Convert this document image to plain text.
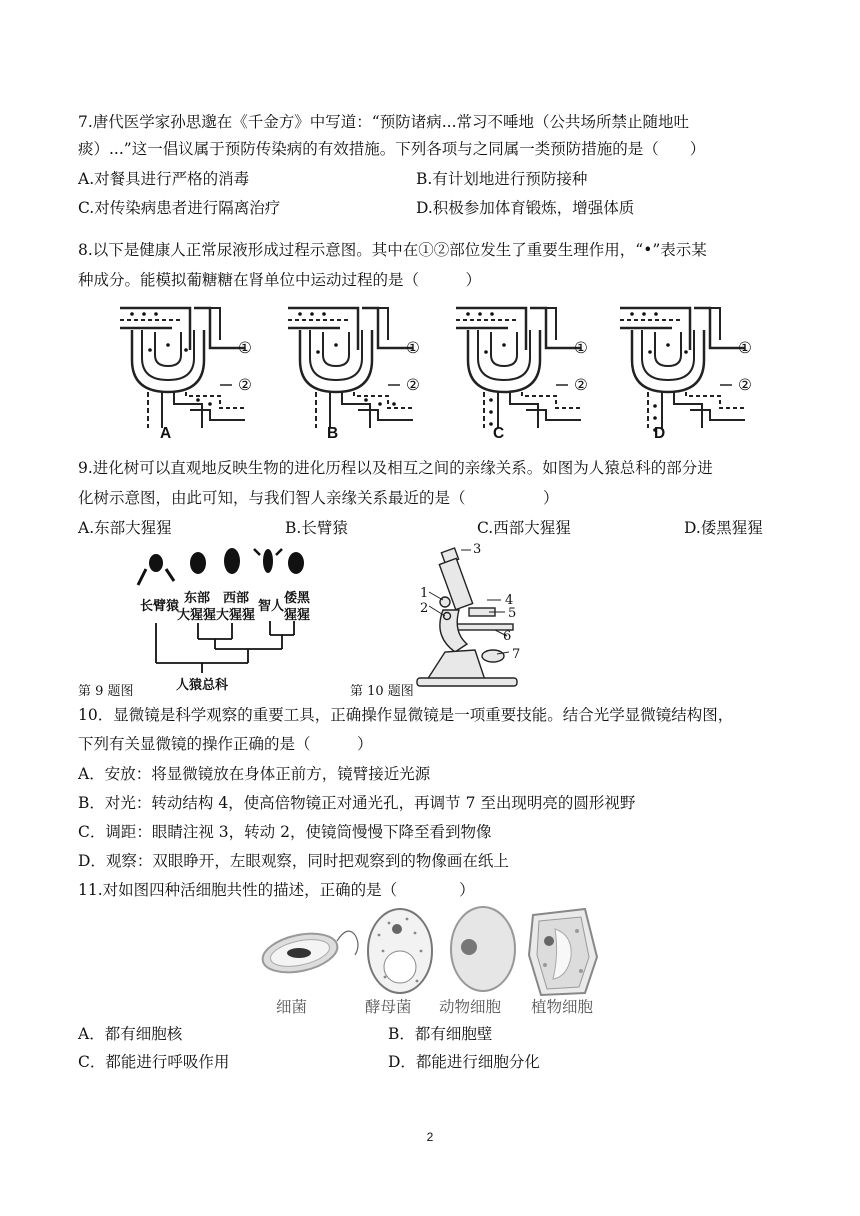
7.唐代医学家孙思邈在《千金方》中写道：“预防诸病...常习不唾地（公共场所禁止随地吐
痰）...”这一倡议属于预防传染病的有效措施。下列各项与之同属一类预防措施的是（　　）
A.对餐具进行严格的消毒	B.有计划地进行预防接种
C.对传染病患者进行隔离治疗	D.积极参加体育锻炼，增强体质
8.以下是健康人正常尿液形成过程示意图。其中在①②部位发生了重要生理作用，“•”表示某
种成分。能模拟葡糖糖在肾单位中运动过程的是（　　　）
①
②
①
②
①
②
①
②
A	B	C	D
9.进化树可以直观地反映生物的进化历程以及相互之间的亲缘关系。如图为人猿总科的部分进
化树示意图，由此可知，与我们智人亲缘关系最近的是（　　　　　）
A.东部大猩猩	B.长臂猿	C.西部大猩猩	D.倭黑猩猩
长臂猿
东部
大猩猩
西部
大猩猩
智人
倭黑
猩猩
人猿总科
第 9 题图
3
1
2
4
5
6
7
第 10 题图
10．显微镜是科学观察的重要工具，正确操作显微镜是一项重要技能。结合光学显微镜结构图，
下列有关显微镜的操作正确的是（　　　）
A．安放：将显微镜放在身体正前方，镜臂接近光源
B．对光：转动结构 4，使高倍物镜正对通光孔，再调节 7 至出现明亮的圆形视野
C．调距：眼睛注视 3，转动 2，使镜筒慢慢下降至看到物像
D．观察：双眼睁开，左眼观察，同时把观察到的物像画在纸上
11.对如图四种活细胞共性的描述，正确的是（　　　　）
细菌	酵母菌 动物细胞 植物细胞
A．都有细胞核	B．都有细胞壁
C．都能进行呼吸作用	D．都能进行细胞分化
2
